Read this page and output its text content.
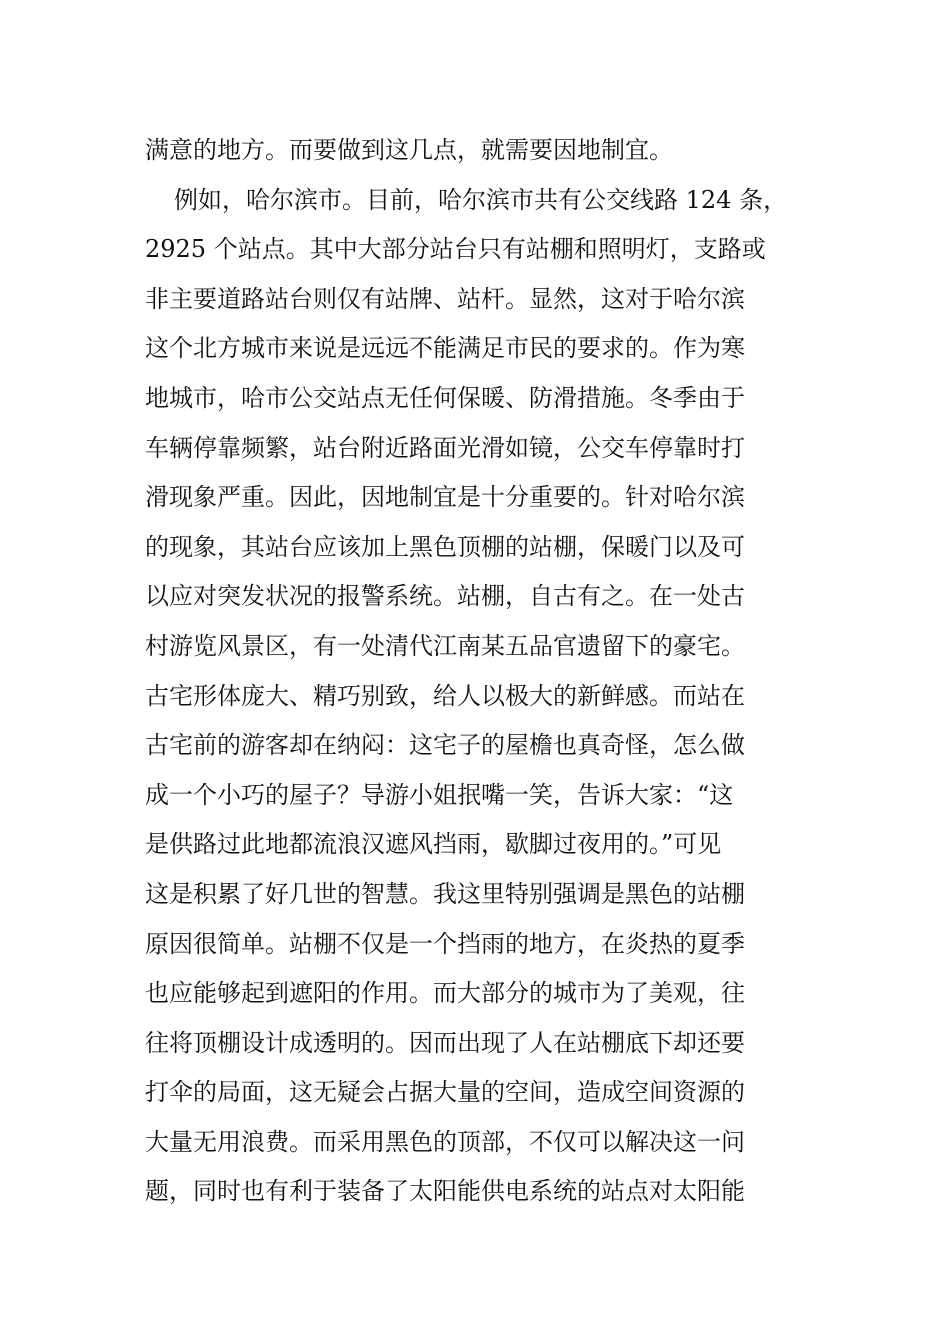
满意的地方。而要做到这几点，就需要因地制宜。
例如，哈尔滨市。目前，哈尔滨市共有公交线路 124 条，
2925 个站点。其中大部分站台只有站棚和照明灯，支路或
非主要道路站台则仅有站牌、站杆。显然，这对于哈尔滨
这个北方城市来说是远远不能满足市民的要求的。作为寒
地城市，哈市公交站点无任何保暖、防滑措施。冬季由于
车辆停靠频繁，站台附近路面光滑如镜，公交车停靠时打
滑现象严重。因此，因地制宜是十分重要的。针对哈尔滨
的现象，其站台应该加上黑色顶棚的站棚，保暖门以及可
以应对突发状况的报警系统。站棚，自古有之。在一处古
村游览风景区，有一处清代江南某五品官遗留下的豪宅。
古宅形体庞大、精巧别致，给人以极大的新鲜感。而站在
古宅前的游客却在纳闷：这宅子的屋檐也真奇怪，怎么做
成一个小巧的屋子？导游小姐抿嘴一笑，告诉大家：“这
是供路过此地都流浪汉遮风挡雨，歇脚过夜用的。”可见
这是积累了好几世的智慧。我这里特别强调是黑色的站棚
原因很简单。站棚不仅是一个挡雨的地方，在炎热的夏季
也应能够起到遮阳的作用。而大部分的城市为了美观，往
往将顶棚设计成透明的。因而出现了人在站棚底下却还要
打伞的局面，这无疑会占据大量的空间，造成空间资源的
大量无用浪费。而采用黑色的顶部，不仅可以解决这一问
题，同时也有利于装备了太阳能供电系统的站点对太阳能
